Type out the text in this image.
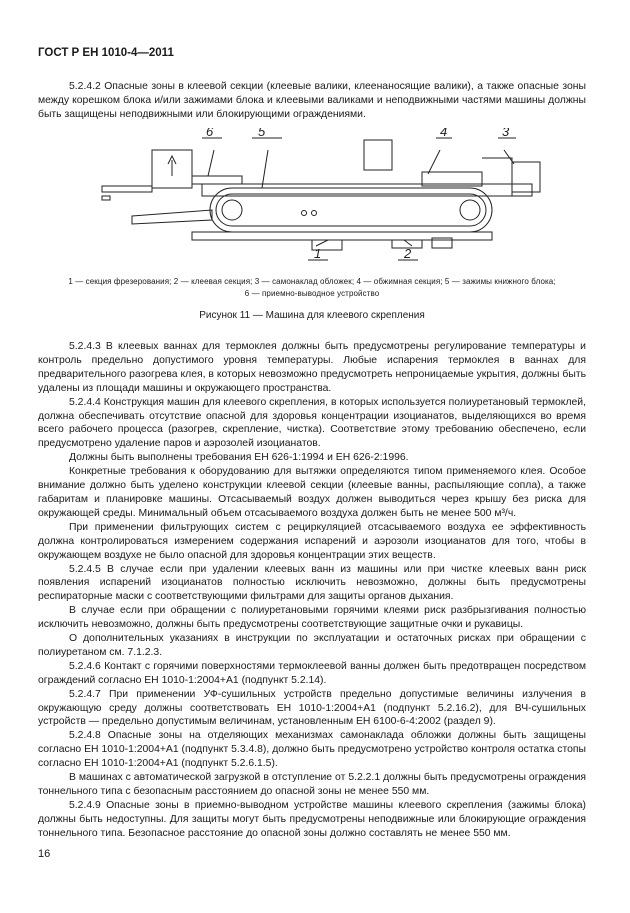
ГОСТ Р ЕН 1010-4—2011

5.2.4.2 Опасные зоны в клеевой секции (клеевые валики, клеенаносящие валики), а также опасные зоны между корешком блока и/или зажимами блока и клеевыми валиками и неподвижными частями машины должны быть защищены неподвижными или блокирующими ограждениями.

6	5	4	3
1	2
1 — секция фрезерования; 2 — клеевая секция; 3 — самонаклад обложек; 4 — обжимная секция; 5 — зажимы книжного блока;
6 — приемно-выводное устройство
Рисунок 11 — Машина для клеевого скрепления

5.2.4.3 В клеевых ваннах для термоклея должны быть предусмотрены регулирование температуры и контроль предельно допустимого уровня температуры. Любые испарения термоклея в ваннах для предварительного разогрева клея, в которых невозможно предусмотреть непроницаемые укрытия, должны быть удалены из площади машины и окружающего пространства.

5.2.4.4 Конструкция машин для клеевого скрепления, в которых используется полиуретановый термоклей, должна обеспечивать отсутствие опасной для здоровья концентрации изоцианатов, выделяющихся во время всего рабочего процесса (разогрев, скрепление, чистка). Соответствие этому требованию обеспечено, если предусмотрено удаление паров и аэрозолей изоцианатов.

Должны быть выполнены требования ЕН 626-1:1994 и ЕН 626-2:1996.

Конкретные требования к оборудованию для вытяжки определяются типом применяемого клея. Особое внимание должно быть уделено конструкции клеевой секции (клеевые ванны, распыляющие сопла), а также габаритам и планировке машины. Отсасываемый воздух должен выводиться через крышу без риска для окружающей среды. Минимальный объем отсасываемого воздуха должен быть не менее 500 м³/ч.

При применении фильтрующих систем с рециркуляцией отсасываемого воздуха ее эффективность должна контролироваться измерением содержания испарений и аэрозоли изоцианатов для того, чтобы в окружающем воздухе не было опасной для здоровья концентрации этих веществ.

5.2.4.5 В случае если при удалении клеевых ванн из машины или при чистке клеевых ванн риск появления испарений изоцианатов полностью исключить невозможно, должны быть предусмотрены респираторные маски с соответствующими фильтрами для защиты органов дыхания.

В случае если при обращении с полиуретановыми горячими клеями риск разбрызгивания полностью исключить невозможно, должны быть предусмотрены соответствующие защитные очки и рукавицы.

О дополнительных указаниях в инструкции по эксплуатации и остаточных рисках при обращении с полиуретаном см. 7.1.2.3.

5.2.4.6 Контакт с горячими поверхностями термоклеевой ванны должен быть предотвращен посредством ограждений согласно ЕН 1010-1:2004+А1 (подпункт 5.2.14).

5.2.4.7 При применении УФ-сушильных устройств предельно допустимые величины излучения в окружающую среду должны соответствовать ЕН 1010-1:2004+А1 (подпункт 5.2.16.2), для ВЧ-сушильных устройств — предельно допустимым величинам, установленным ЕН 6100-6-4:2002 (раздел 9).

5.2.4.8 Опасные зоны на отделяющих механизмах самонаклада обложки должны быть защищены согласно ЕН 1010-1:2004+А1 (подпункт 5.3.4.8), должно быть предусмотрено устройство контроля остатка стопы согласно ЕН 1010-1:2004+А1 (подпункт 5.2.6.1.5).

В машинах с автоматической загрузкой в отступление от 5.2.2.1 должны быть предусмотрены ограждения тоннельного типа с безопасным расстоянием до опасной зоны не менее 550 мм.

5.2.4.9 Опасные зоны в приемно-выводном устройстве машины клеевого скрепления (зажимы блока) должны быть недоступны. Для защиты могут быть предусмотрены неподвижные или блокирующие ограждения тоннельного типа. Безопасное расстояние до опасной зоны должно составлять не менее 550 мм.

16
